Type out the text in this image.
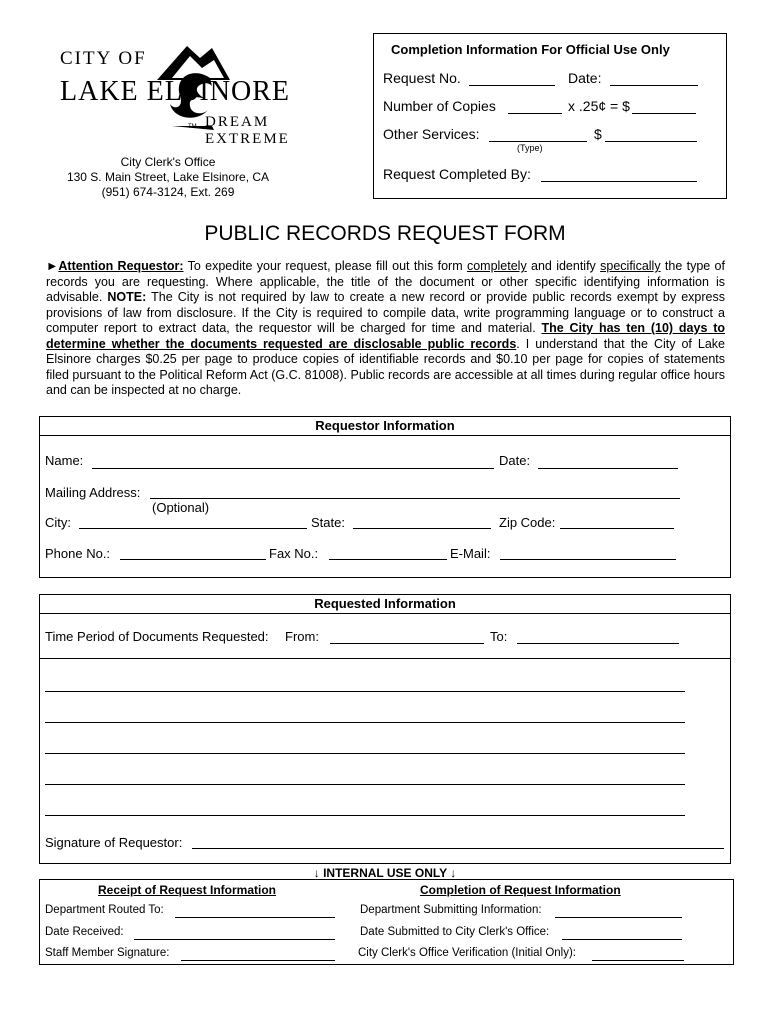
CITY OF
LAKE ELSINORE
DREAM EXTREME
TM
City Clerk's Office
130 S. Main Street, Lake Elsinore, CA
(951) 674-3124, Ext. 269
Completion Information For Official Use Only
Request No.	Date:
Number of Copies	x .25¢ = $
Other Services:	$
(Type)
Request Completed By:
PUBLIC RECORDS REQUEST FORM
►Attention Requestor: To expedite your request, please fill out this form completely and identify specifically the type of records you are requesting. Where applicable, the title of the document or other specific identifying information is advisable. NOTE: The City is not required by law to create a new record or provide public records exempt by express provisions of law from disclosure. If the City is required to compile data, write programming language or to construct a computer report to extract data, the requestor will be charged for time and material. The City has ten (10) days to determine whether the documents requested are disclosable public records. I understand that the City of Lake Elsinore charges $0.25 per page to produce copies of identifiable records and $0.10 per page for copies of statements filed pursuant to the Political Reform Act (G.C. 81008). Public records are accessible at all times during regular office hours and can be inspected at no charge.
Requestor Information
Name:	Date:
Mailing Address:
(Optional)
City:	State:	Zip Code:
Phone No.:	Fax No.:	E-Mail:
Requested Information
Time Period of Documents Requested: From:	To:
Signature of Requestor:
↓ INTERNAL USE ONLY ↓
Receipt of Request Information	Completion of Request Information
Department Routed To:
Date Received:
Staff Member Signature:
Department Submitting Information:
Date Submitted to City Clerk's Office:
City Clerk's Office Verification (Initial Only):
